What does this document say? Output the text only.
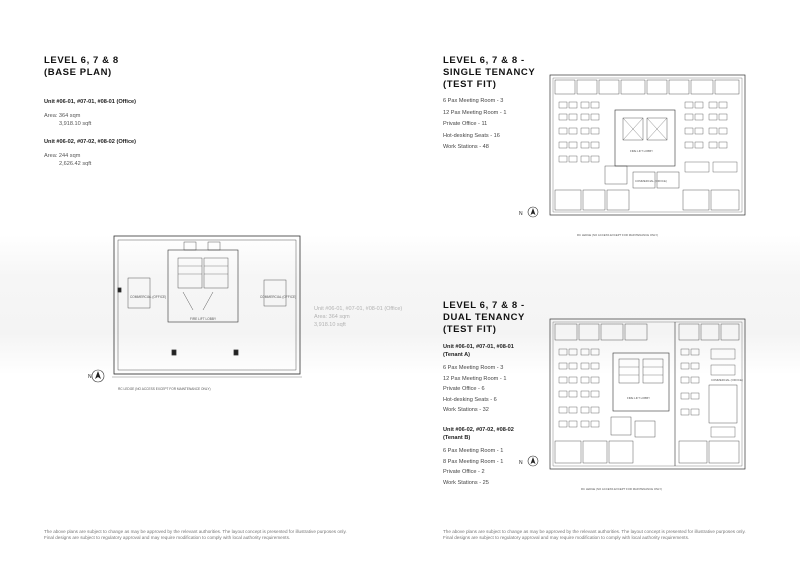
LEVEL 6, 7 & 8
(BASE PLAN)
Unit #06-01, #07-01, #08-01 (Office)
Area: 364 sqm
3,918.10 sqft
Unit #06-02, #07-02, #08-02 (Office)
Area: 244 sqm
2,626.42 sqft
COMMERCIAL (OFFICE)	COMMERCIAL (OFFICE)
FIRE LIFT LOBBY
RC LEDGE (NO ACCESS EXCEPT FOR MAINTENANCE ONLY)
N
The above plans are subject to change as may be approved by the relevant authorities. The layout concept is presented for illustrative purposes only.
Final designs are subject to regulatory approval and may require modification to comply with local authority requirements.
Unit #06-01, #07-01, #08-01 (Office)
Area: 364 sqm
3,918.10 sqft
LEVEL 6, 7 & 8 -
SINGLE TENANCY
(TEST FIT)
6 Pax Meeting Room - 3
12 Pax Meeting Room - 1
Private Office - 11
Hot-desking Seats - 16
Work Stations - 48
FIRE LIFT LOBBY
COMMERCIAL (OFFICE)
RC LEDGE (NO ACCESS EXCEPT FOR MAINTENANCE ONLY)
N
LEVEL 6, 7 & 8 -
DUAL TENANCY
(TEST FIT)
Unit #06-01, #07-01, #08-01
(Tenant A)
6 Pax Meeting Room - 3
12 Pax Meeting Room - 1
Private Office - 6
Hot-desking Seats - 6
Work Stations - 32
Unit #06-02, #07-02, #08-02
(Tenant B)
6 Pax Meeting Room - 1
8 Pax Meeting Room - 1
Private Office - 2
Work Stations - 25
FIRE LIFT LOBBY
COMMERCIAL (OFFICE)
RC LEDGE (NO ACCESS EXCEPT FOR MAINTENANCE ONLY)
N
The above plans are subject to change as may be approved by the relevant authorities. The layout concept is presented for illustrative purposes only.
Final designs are subject to regulatory approval and may require modification to comply with local authority requirements.
